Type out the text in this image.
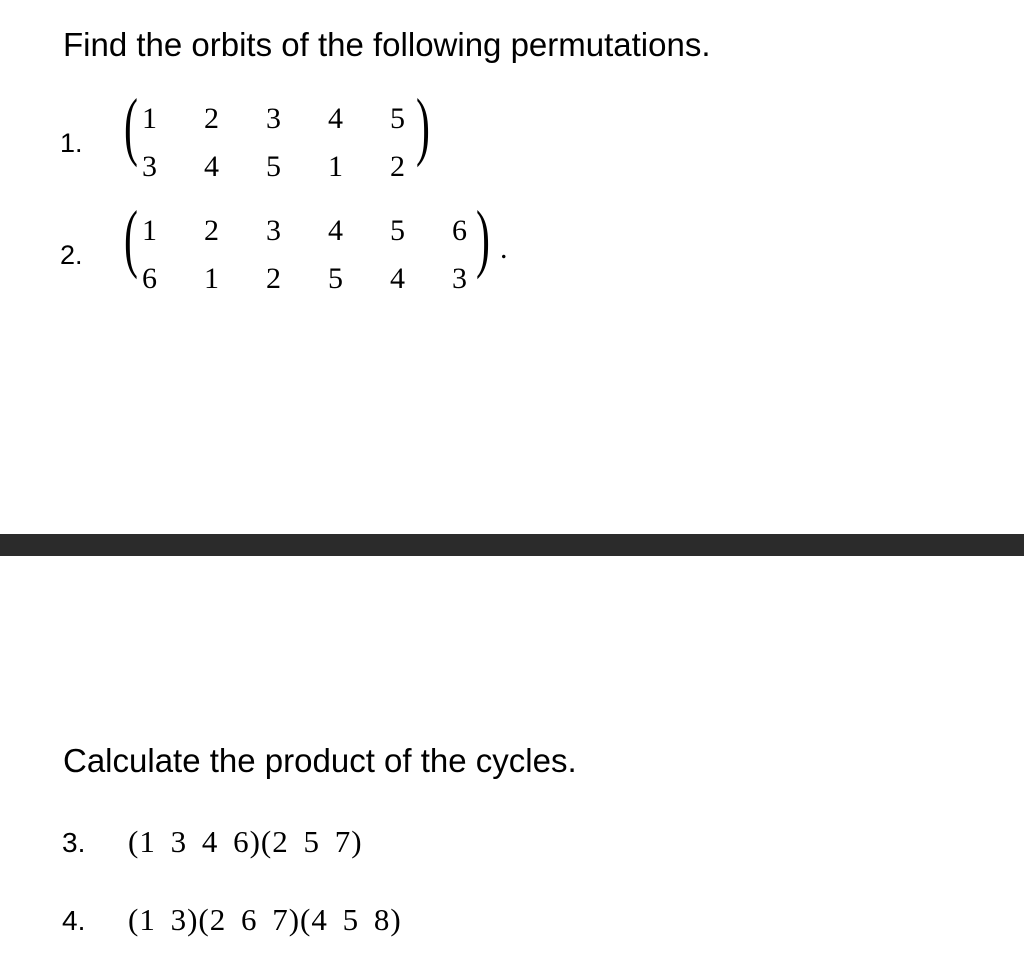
Find the orbits of the following permutations.
1. ( 1 2 3 4 5
3 4 5 1 2 )
2. ( 1 2 3 4 5 6
6 1 2 5 4 3 ) .
Calculate the product of the cycles.
3. (1 3 4 6)(2 5 7)
4. (1 3)(2 6 7)(4 5 8)
